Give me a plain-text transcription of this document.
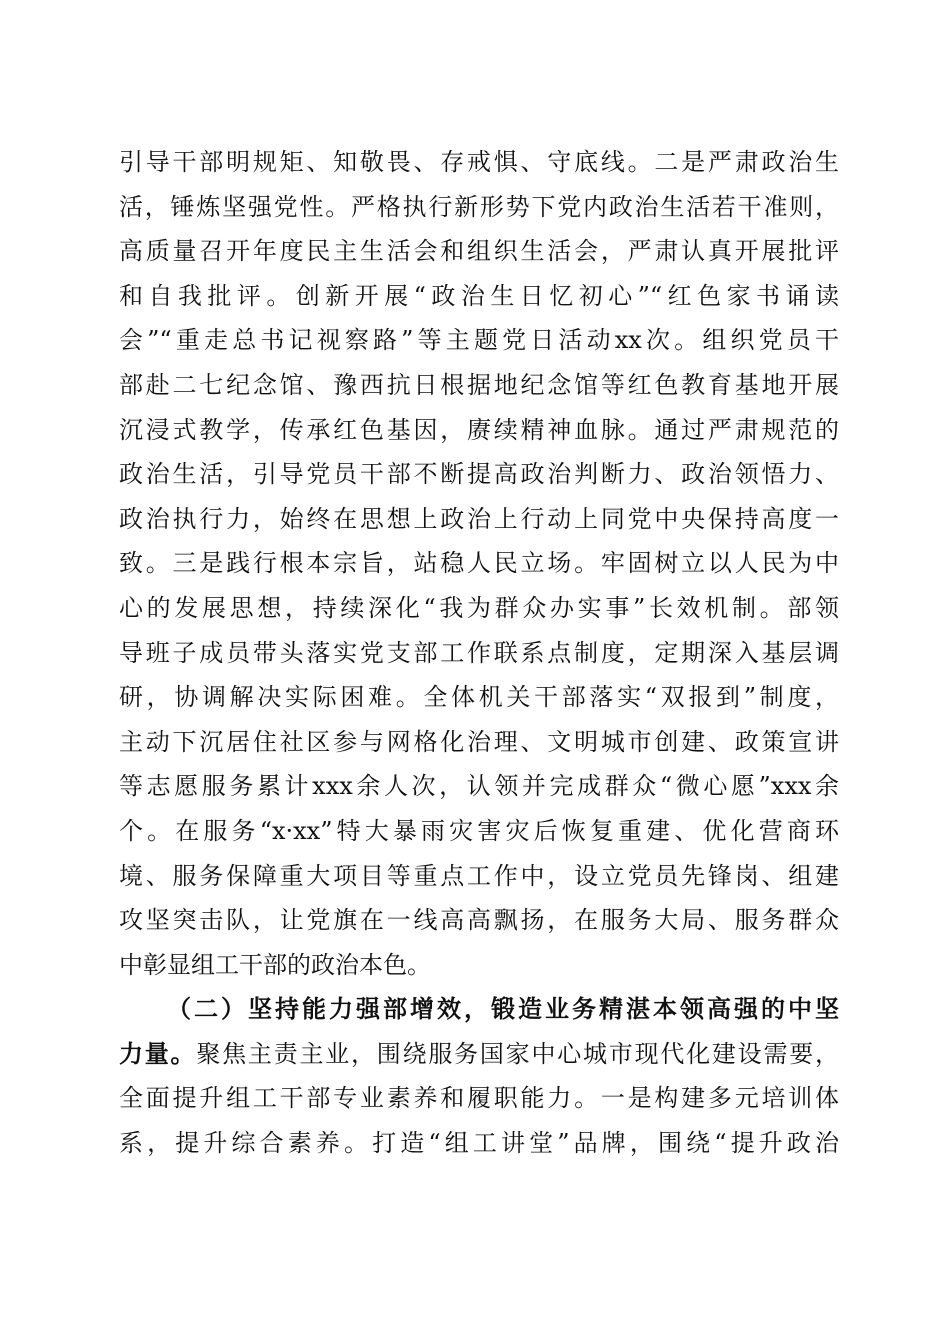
引导干部明规矩、知敬畏、存戒惧、守底线。二是严肃政治生
活，锤炼坚强党性。严格执行新形势下党内政治生活若干准则，
高质量召开年度民主生活会和组织生活会，严肃认真开展批评
和自我批评。创新开展“政治生日忆初心”“红色家书诵读
会”“重走总书记视察路”等主题党日活动xx次。组织党员干
部赴二七纪念馆、豫西抗日根据地纪念馆等红色教育基地开展
沉浸式教学，传承红色基因，赓续精神血脉。通过严肃规范的
政治生活，引导党员干部不断提高政治判断力、政治领悟力、
政治执行力，始终在思想上政治上行动上同党中央保持高度一
致。三是践行根本宗旨，站稳人民立场。牢固树立以人民为中
心的发展思想，持续深化“我为群众办实事”长效机制。部领
导班子成员带头落实党支部工作联系点制度，定期深入基层调
研，协调解决实际困难。全体机关干部落实“双报到”制度，
主动下沉居住社区参与网格化治理、文明城市创建、政策宣讲
等志愿服务累计xxx余人次，认领并完成群众“微心愿”xxx余
个。在服务“x·xx”特大暴雨灾害灾后恢复重建、优化营商环
境、服务保障重大项目等重点工作中，设立党员先锋岗、组建
攻坚突击队，让党旗在一线高高飘扬，在服务大局、服务群众
中彰显组工干部的政治本色。
（二）坚持能力强部增效，锻造业务精湛本领高强的中坚
力量。聚焦主责主业，围绕服务国家中心城市现代化建设需要，
全面提升组工干部专业素养和履职能力。一是构建多元培训体
系，提升综合素养。打造“组工讲堂”品牌，围绕“提升政治
